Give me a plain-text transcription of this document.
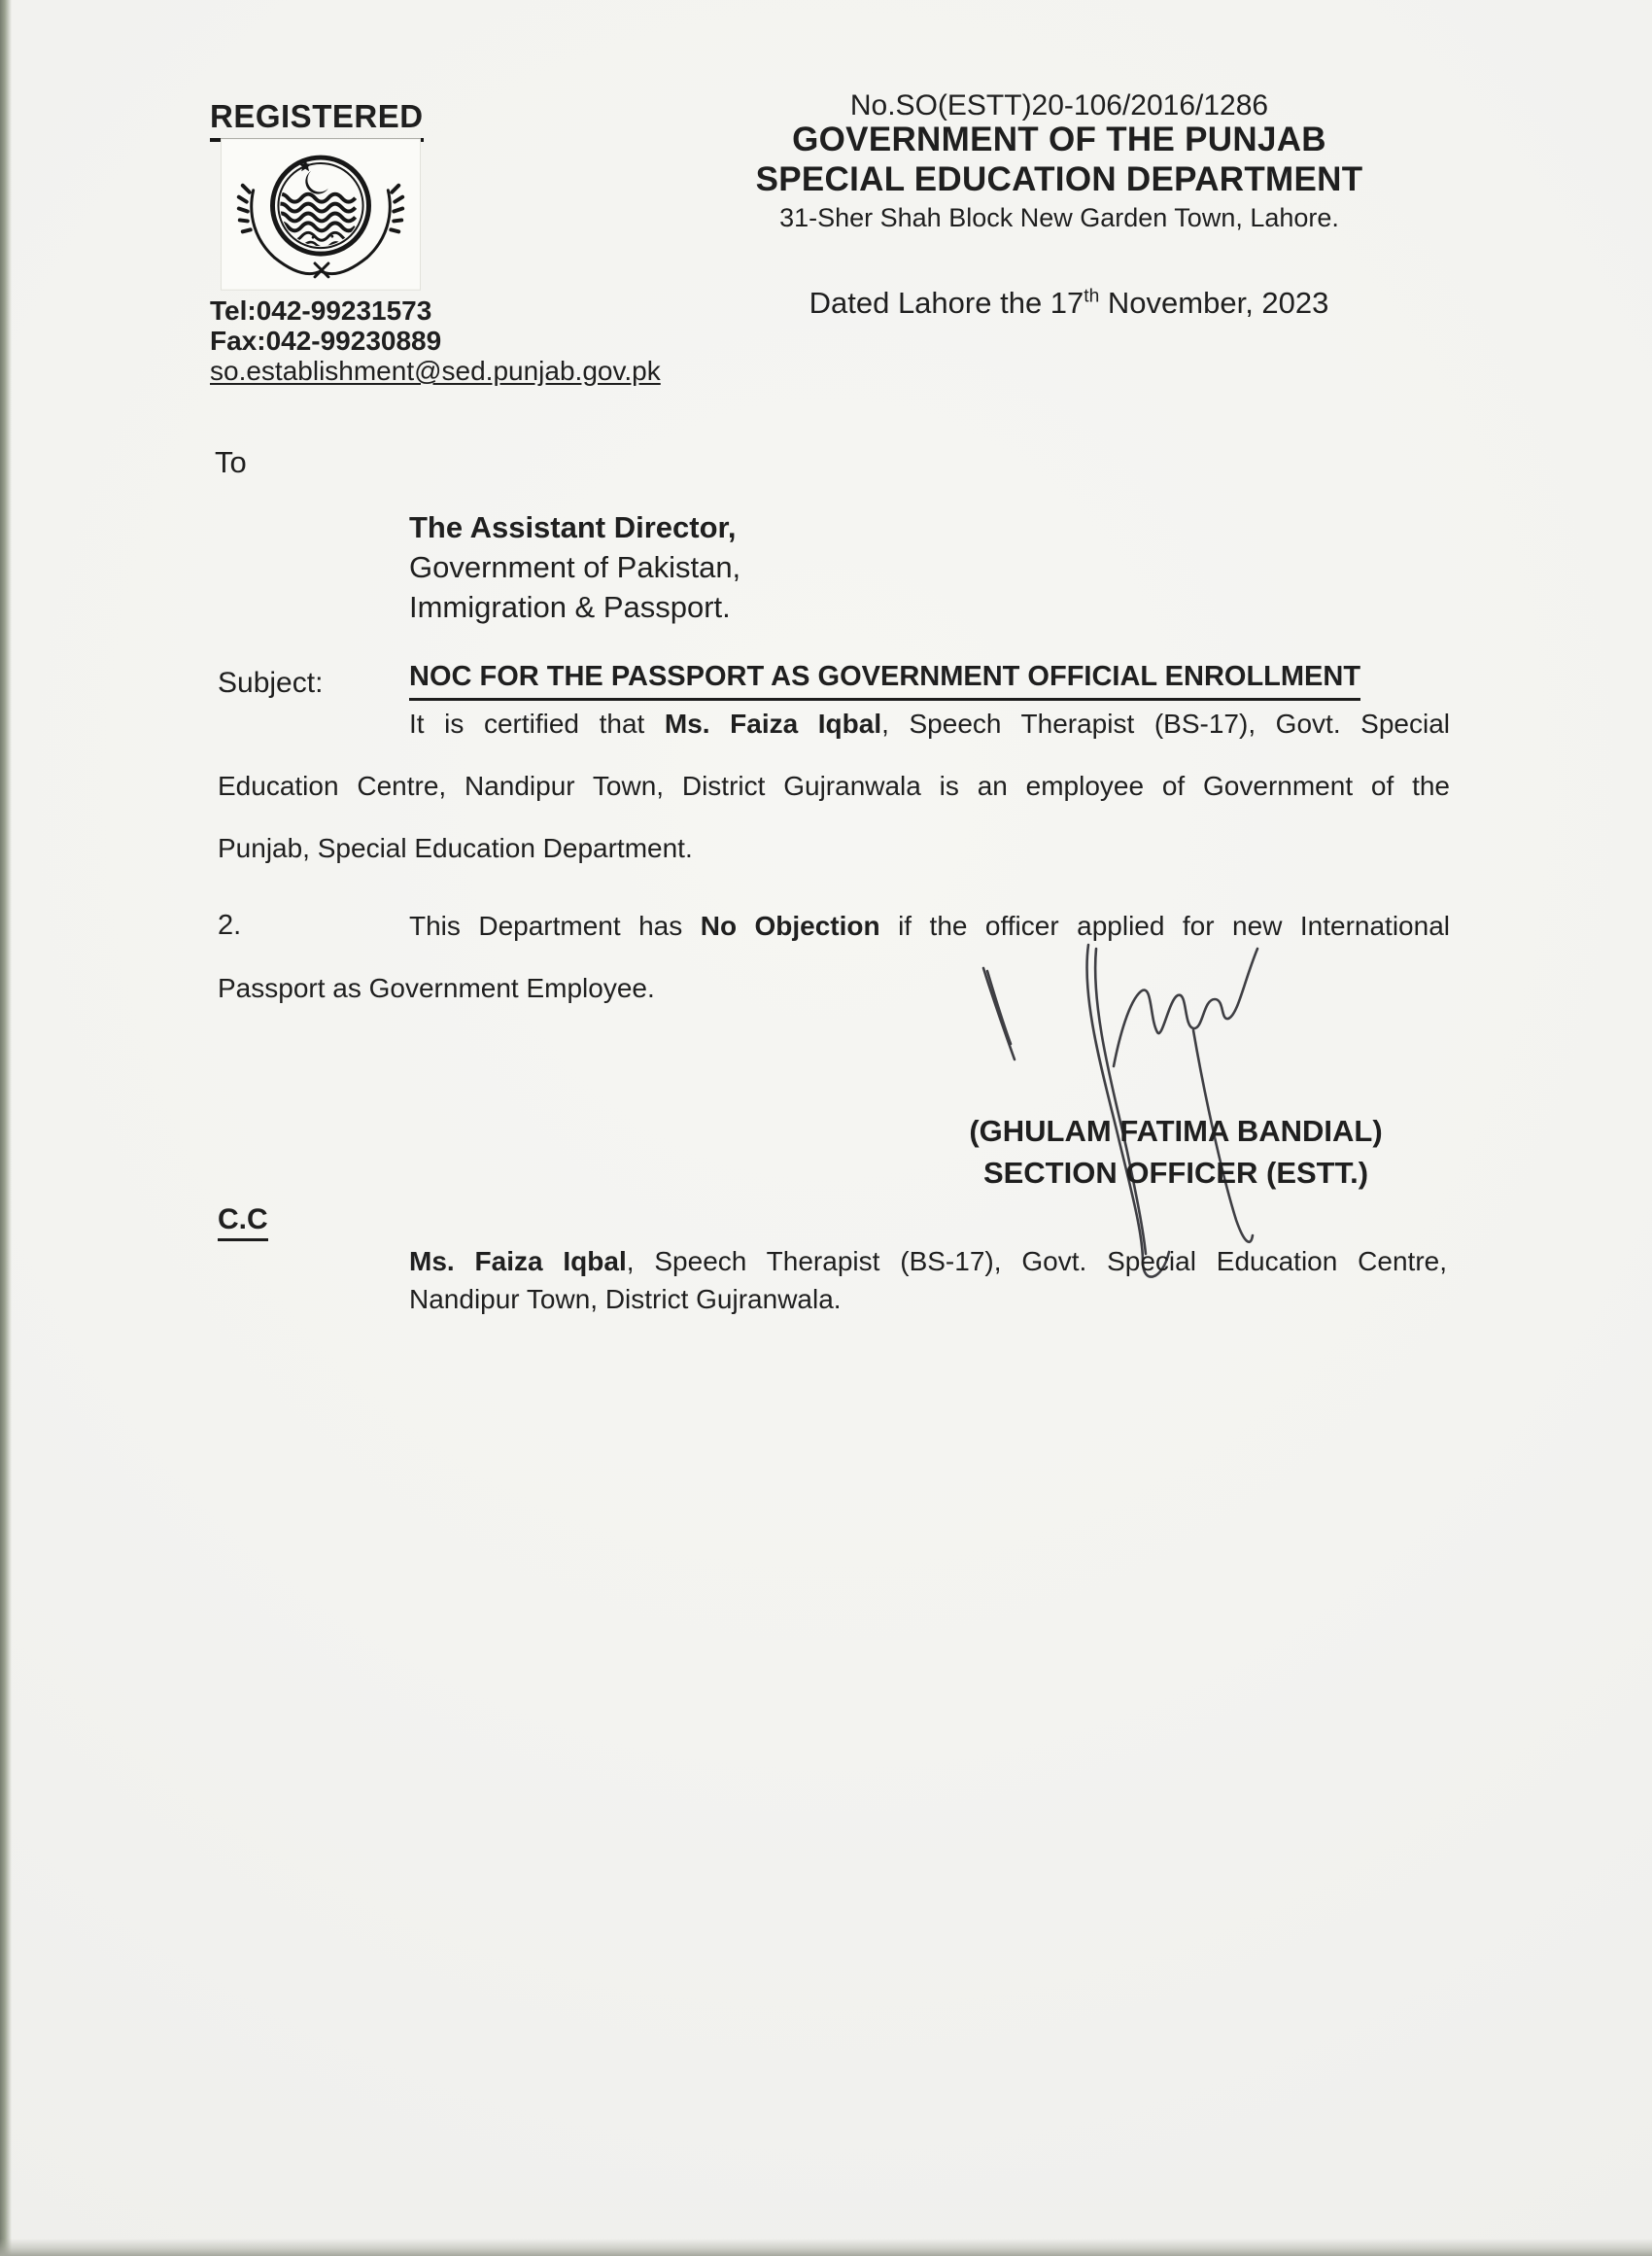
REGISTERED
Tel:042-99231573
Fax:042-99230889
so.establishment@sed.punjab.gov.pk
No.SO(ESTT)20-106/2016/1286
GOVERNMENT OF THE PUNJAB
SPECIAL EDUCATION DEPARTMENT
31-Sher Shah Block New Garden Town, Lahore.
Dated Lahore the 17th November, 2023
To
The Assistant Director,
Government of Pakistan,
Immigration & Passport.
Subject:	NOC FOR THE PASSPORT AS GOVERNMENT OFFICIAL ENROLLMENT
It is certified that Ms. Faiza Iqbal, Speech Therapist (BS-17), Govt. Special
Education Centre, Nandipur Town, District Gujranwala is an employee of Government of the
Punjab, Special Education Department.
2.	This Department has No Objection if the officer applied for new International
Passport as Government Employee.
(GHULAM FATIMA BANDIAL)
SECTION OFFICER (ESTT.)
C.C
Ms. Faiza Iqbal, Speech Therapist (BS-17), Govt. Special Education Centre,
Nandipur Town, District Gujranwala.
